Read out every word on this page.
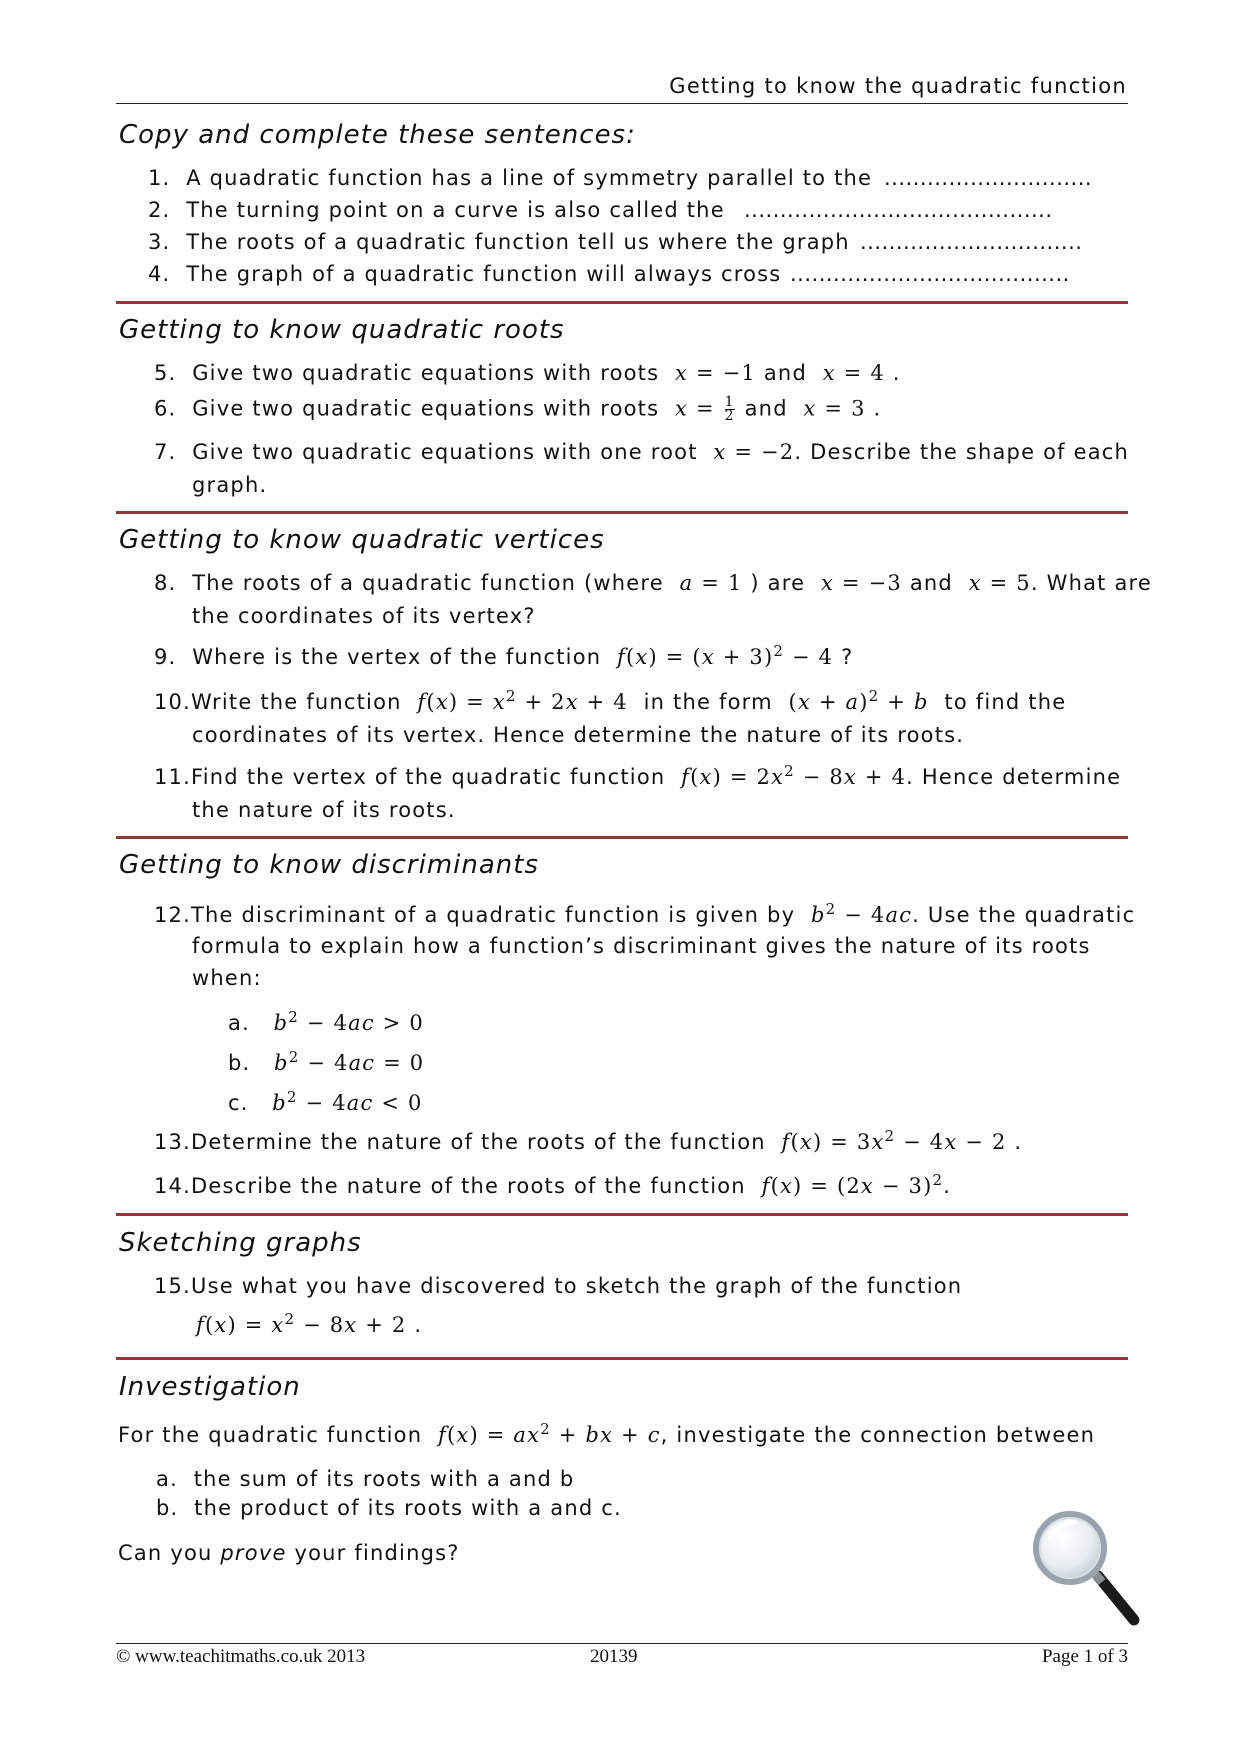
Getting to know the quadratic function
Copy and complete these sentences:
1. A quadratic function has a line of symmetry parallel to the .............................
2. The turning point on a curve is also called the ...........................................
3. The roots of a quadratic function tell us where the graph ...............................
4. The graph of a quadratic function will always cross .......................................
Getting to know quadratic roots
5. Give two quadratic equations with roots x = −1 and x = 4 .
6. Give two quadratic equations with roots $x = \frac{1}{2}$ and x = 3 .
7. Give two quadratic equations with one root x = −2. Describe the shape of each
graph.
Getting to know quadratic vertices
8. The roots of a quadratic function (where a = 1 ) are x = −3 and x = 5. What are
the coordinates of its vertex?
9. Where is the vertex of the function $f(x) = (x + 3)^2 - 4$ ?
10.Write the function $f(x) = x^2 + 2x + 4$ in the form $(x + a)^2 + b$ to find the
coordinates of its vertex. Hence determine the nature of its roots.
11.Find the vertex of the quadratic function $f(x) = 2x^2 - 8x + 4$. Hence determine
the nature of its roots.
Getting to know discriminants
12.The discriminant of a quadratic function is given by $b^2 - 4ac$. Use the quadratic
formula to explain how a function’s discriminant gives the nature of its roots
when:
a. $b^2 - 4ac > 0$
b. $b^2 - 4ac = 0$
c. $b^2 - 4ac < 0$
13.Determine the nature of the roots of the function $f(x) = 3x^2 - 4x - 2$ .
14.Describe the nature of the roots of the function $f(x) = (2x - 3)^2$.
Sketching graphs
15.Use what you have discovered to sketch the graph of the function
$f(x) = x^2 - 8x + 2$ .
Investigation
For the quadratic function $f(x) = ax^2$ + bx + c, investigate the connection between
a. the sum of its roots with a and b
b. the product of its roots with a and c.
Can you prove your findings?
© www.teachitmaths.co.uk 2013	20139	Page 1 of 3
